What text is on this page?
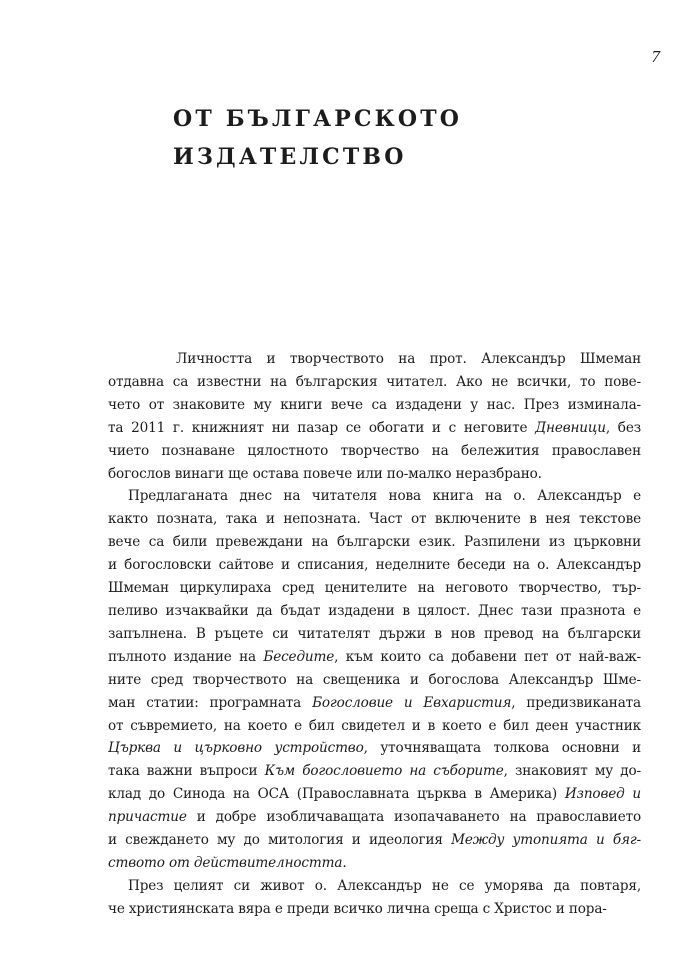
7
ОТ БЪЛГАРСКОТО
ИЗДАТЕЛСТВО
Личността и творчеството на прот. Александър Шмеман
отдавна са известни на българския читател. Ако не всички, то пове-
чето от знаковите му книги вече са издадени у нас. През изминала-
та 2011 г. книжният ни пазар се обогати и с неговите Дневници, без
чието познаване цялостното творчество на бележития православен
богослов винаги ще остава повече или по-малко неразбрано.
Предлаганата днес на читателя нова книга на о. Александър е
както позната, така и непозната. Част от включените в нея текстове
вече са били превеждани на български език. Разпилени из църковни
и богословски сайтове и списания, неделните беседи на о. Александър
Шмеман циркулираха сред ценителите на неговото творчество, тър-
пеливо изчаквайки да бъдат издадени в цялост. Днес тази празнота е
запълнена. В ръцете си читателят държи в нов превод на български
пълното издание на Беседите, към които са добавени пет от най-важ-
ните сред творчеството на свещеника и богослова Александър Шме-
ман статии: програмната Богословие и Евхаристия, предизвиканата
от съвремието, на което е бил свидетел и в което е бил деен участник
Църква и църковно устройство, уточняващата толкова основни и
така важни въпроси Към богословието на съборите, знаковият му до-
клад до Синода на ОСА (Православната църква в Америка) Изповед и
причастие и добре изобличаващата изопачаването на православието
и свеждането му до митология и идеология Между утопията и бяг-
ството от действителността.
През целият си живот о. Александър не се уморява да повтаря,
че християнската вяра е преди всичко лична среща с Христос и пора-
